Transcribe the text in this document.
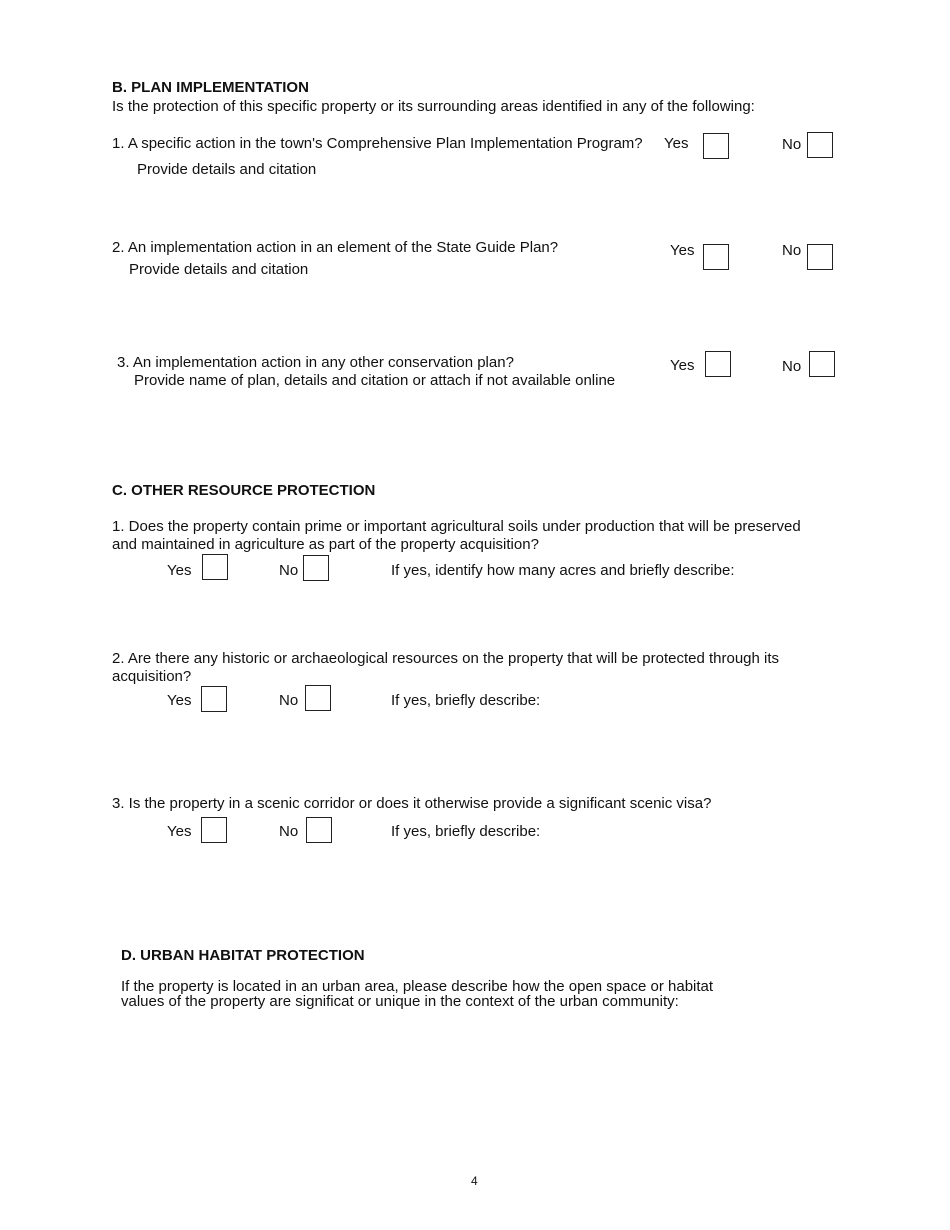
B. PLAN IMPLEMENTATION
Is the protection of this specific property or its surrounding areas identified in any of the following:
1. A specific action in the town's Comprehensive Plan Implementation Program? Yes	No
Provide details and citation
2. An implementation action in an element of the State Guide Plan?	Yes	No
Provide details and citation
3. An implementation action in any other conservation plan?	Yes	No
Provide name of plan, details and citation or attach if not available online
C. OTHER RESOURCE PROTECTION
1. Does the property contain prime or important agricultural soils under production that will be preserved
and maintained in agriculture as part of the property acquisition?
Yes	No	If yes, identify how many acres and briefly describe:
2. Are there any historic or archaeological resources on the property that will be protected through its
acquisition?
Yes	No	If yes, briefly describe:
3. Is the property in a scenic corridor or does it otherwise provide a significant scenic visa?
Yes	No	If yes, briefly describe:
D. URBAN HABITAT PROTECTION
If the property is located in an urban area, please describe how the open space or habitat
values of the property are significat or unique in the context of the urban community:
4
